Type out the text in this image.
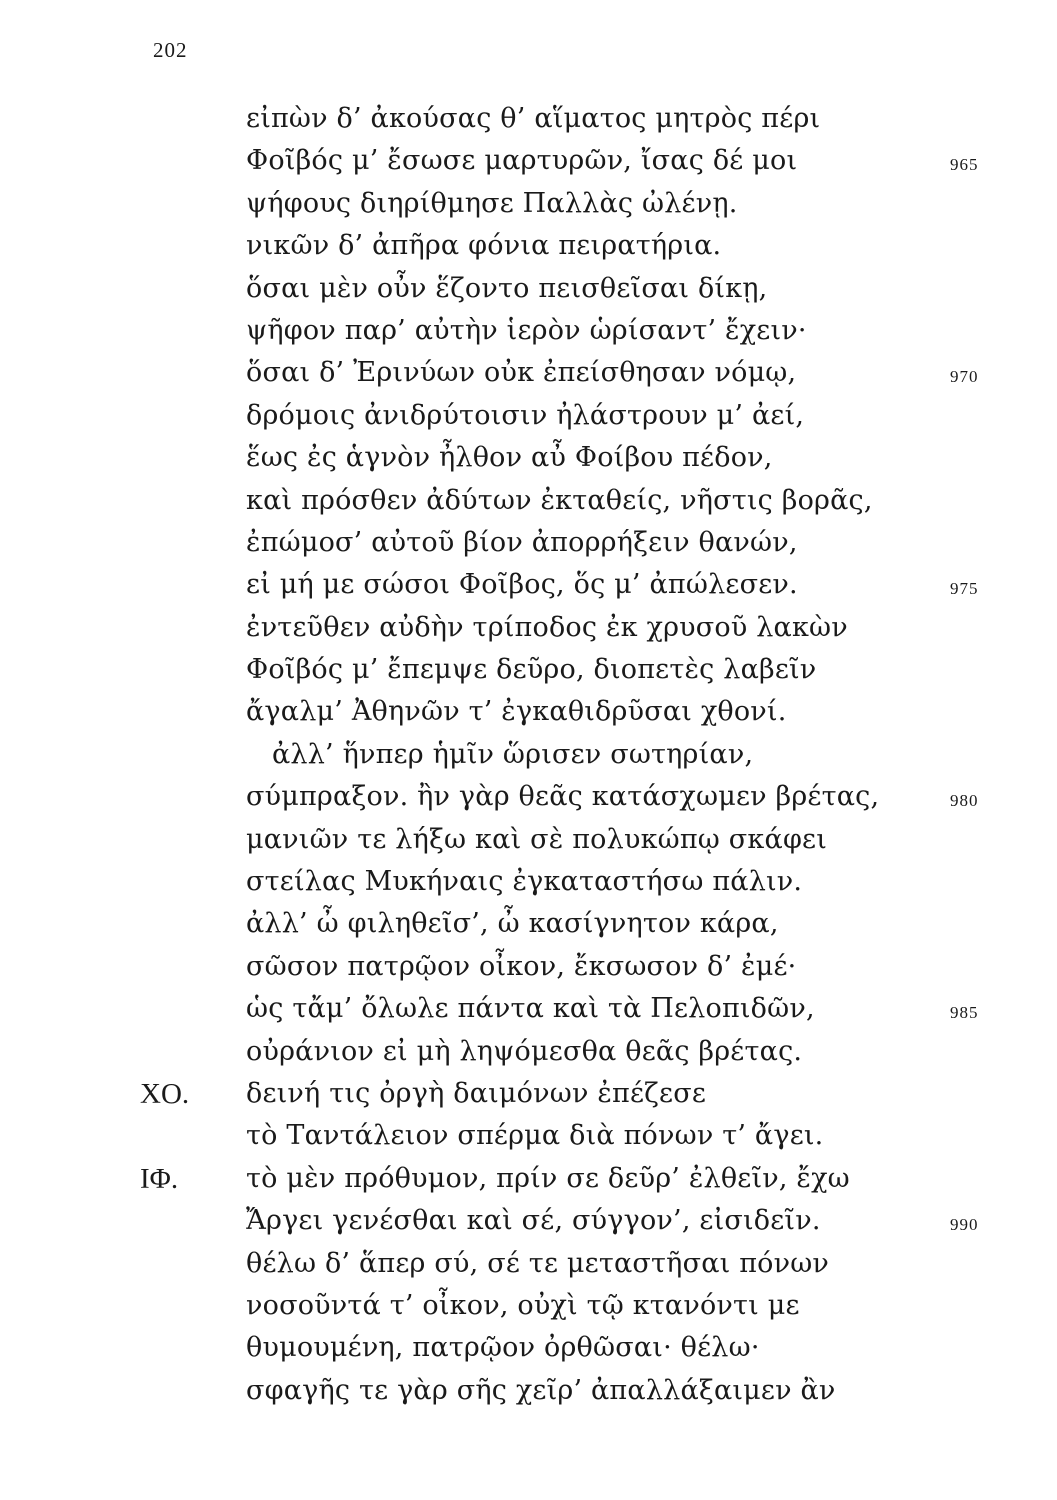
202
εἰπὼν δ’ ἀκούσας θ’ αἵματος μητρὸς πέρι
Φοῖβός μ’ ἔσωσε μαρτυρῶν, ἴσας δέ μοι	965
ψήφους διηρίθμησε Παλλὰς ὠλένῃ.
νικῶν δ’ ἀπῆρα φόνια πειρατήρια.
ὅσαι μὲν οὖν ἕζοντο πεισθεῖσαι δίκῃ,
ψῆφον παρ’ αὐτὴν ἱερὸν ὡρίσαντ’ ἔχειν·
ὅσαι δ’ Ἐρινύων οὐκ ἐπείσθησαν νόμῳ,	970
δρόμοις ἀνιδρύτοισιν ἠλάστρουν μ’ ἀεί,
ἕως ἐς ἁγνὸν ἦλθον αὖ Φοίβου πέδον,
καὶ πρόσθεν ἀδύτων ἐκταθείς, νῆστις βορᾶς,
ἐπώμοσ’ αὐτοῦ βίον ἀπορρήξειν θανών,
εἰ μή με σώσοι Φοῖβος, ὅς μ’ ἀπώλεσεν.	975
ἐντεῦθεν αὐδὴν τρίποδος ἐκ χρυσοῦ λακὼν
Φοῖβός μ’ ἔπεμψε δεῦρο, διοπετὲς λαβεῖν
ἄγαλμ’ Ἀθηνῶν τ’ ἐγκαθιδρῦσαι χθονί.
ἀλλ’ ἥνπερ ἡμῖν ὥρισεν σωτηρίαν,
σύμπραξον. ἢν γὰρ θεᾶς κατάσχωμεν βρέτας,	980
μανιῶν τε λήξω καὶ σὲ πολυκώπῳ σκάφει
στείλας Μυκήναις ἐγκαταστήσω πάλιν.
ἀλλ’ ὦ φιληθεῖσ’, ὦ κασίγνητον κάρα,
σῶσον πατρῷον οἶκον, ἔκσωσον δ’ ἐμέ·
ὡς τἄμ’ ὄλωλε πάντα καὶ τὰ Πελοπιδῶν,	985
οὐράνιον εἰ μὴ ληψόμεσθα θεᾶς βρέτας.
ΧΟ. δεινή τις ὀργὴ δαιμόνων ἐπέζεσε
τὸ Ταντάλειον σπέρμα διὰ πόνων τ’ ἄγει.
ΙΦ.	τὸ μὲν πρόθυμον, πρίν σε δεῦρ’ ἐλθεῖν, ἔχω
Ἄργει γενέσθαι καὶ σέ, σύγγον’, εἰσιδεῖν.	990
θέλω δ’ ἅπερ σύ, σέ τε μεταστῆσαι πόνων
νοσοῦντά τ’ οἶκον, οὐχὶ τῷ κτανόντι με
θυμουμένη, πατρῷον ὀρθῶσαι· θέλω·
σφαγῆς τε γὰρ σῆς χεῖρ’ ἀπαλλάξαιμεν ἂν
